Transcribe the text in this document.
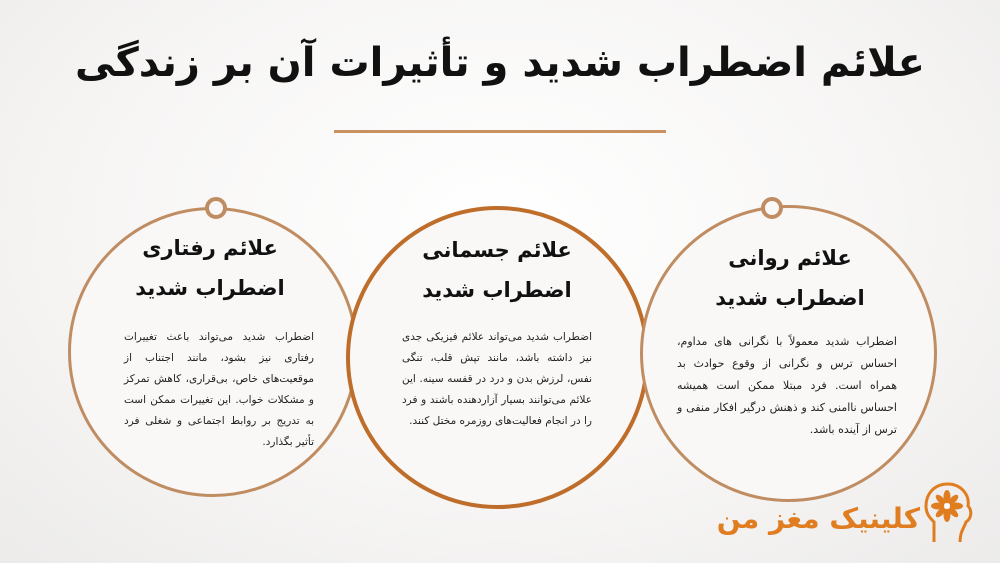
علائم اضطراب شدید و تأثیرات آن بر زندگی
علائم رفتاری
اضطراب شدید

اضطراب شدید می‌تواند باعث تغییرات رفتاری نیز بشود، مانند اجتناب از موقعیت‌های خاص، بی‌قراری، کاهش تمرکز و مشکلات خواب. این تغییرات ممکن است به تدریج بر روابط اجتماعی و شغلی فرد تأثیر بگذارد.

علائم جسمانی
اضطراب شدید

اضطراب شدید می‌تواند علائم فیزیکی جدی نیز داشته باشد، مانند تپش قلب، تنگی نفس، لرزش بدن و درد در قفسه سینه. این علائم می‌توانند بسیار آزاردهنده باشند و فرد را در انجام فعالیت‌های روزمره مختل کنند.

علائم روانی
اضطراب شدید

اضطراب شدید معمولاً با نگرانی های مداوم، احساس ترس و نگرانی از وقوع حوادث بد همراه است. فرد مبتلا ممکن است همیشه احساس ناامنی کند و ذهنش درگیر افکار منفی و ترس از آینده باشد.

کلینیک مغز من
